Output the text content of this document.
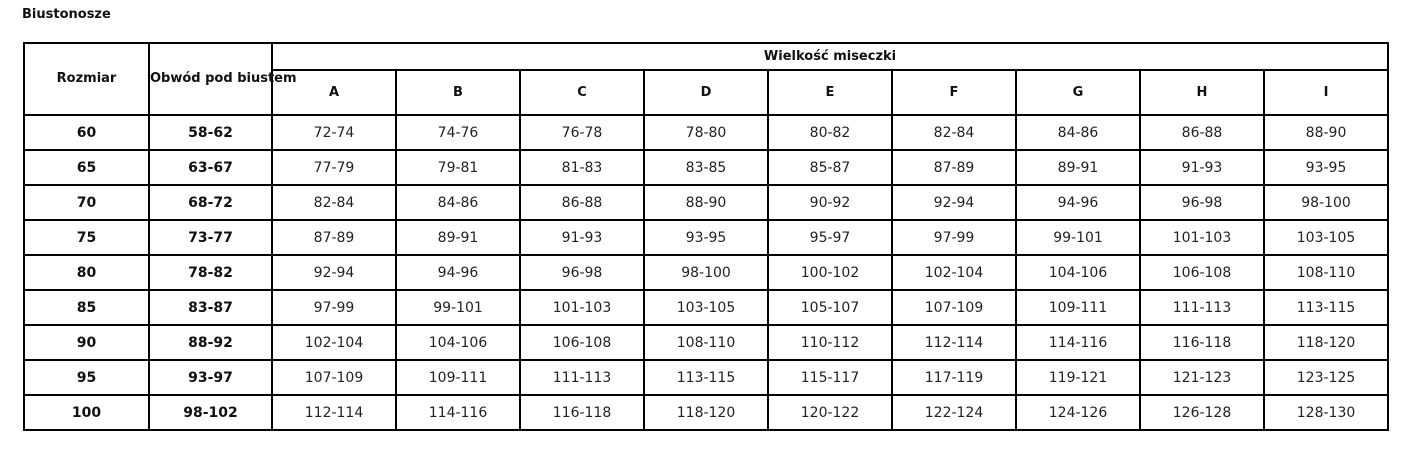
Biustonosze
Rozmiar	Obwód pod biustem	Wielkość miseczki								
		A	B	C	D	E	F	G	H	I
60	58-62	72-74	74-76	76-78	78-80	80-82	82-84	84-86	86-88	88-90
65	63-67	77-79	79-81	81-83	83-85	85-87	87-89	89-91	91-93	93-95
70	68-72	82-84	84-86	86-88	88-90	90-92	92-94	94-96	96-98	98-100
75	73-77	87-89	89-91	91-93	93-95	95-97	97-99	99-101	101-103	103-105
80	78-82	92-94	94-96	96-98	98-100	100-102	102-104	104-106	106-108	108-110
85	83-87	97-99	99-101	101-103	103-105	105-107	107-109	109-111	111-113	113-115
90	88-92	102-104	104-106	106-108	108-110	110-112	112-114	114-116	116-118	118-120
95	93-97	107-109	109-111	111-113	113-115	115-117	117-119	119-121	121-123	123-125
100	98-102	112-114	114-116	116-118	118-120	120-122	122-124	124-126	126-128	128-130
